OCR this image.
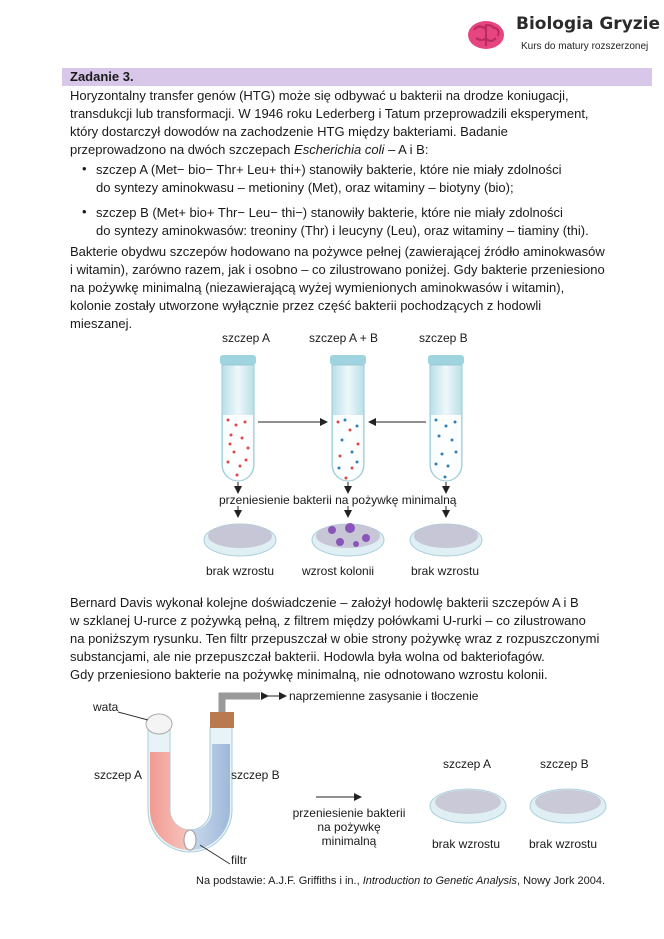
Biologia Gryzie
Kurs do matury rozszerzonej
Zadanie 3.
Horyzontalny transfer genów (HTG) może się odbywać u bakterii na drodze koniugacji,
transdukcji lub transformacji. W 1946 roku Lederberg i Tatum przeprowadzili eksperyment,
który dostarczył dowodów na zachodzenie HTG między bakteriami. Badanie
przeprowadzono na dwóch szczepach Escherichia coli – A i B:
• szczep A (Met− bio− Thr+ Leu+ thi+) stanowiły bakterie, które nie miały zdolności
do syntezy aminokwasu – metioniny (Met), oraz witaminy – biotyny (bio);
• szczep B (Met+ bio+ Thr− Leu− thi−) stanowiły bakterie, które nie miały zdolności
do syntezy aminokwasów: treoniny (Thr) i leucyny (Leu), oraz witaminy – tiaminy (thi).
Bakterie obydwu szczepów hodowano na pożywce pełnej (zawierającej źródło aminokwasów
i witamin), zarówno razem, jak i osobno – co zilustrowano poniżej. Gdy bakterie przeniesiono
na pożywkę minimalną (niezawierającą wyżej wymienionych aminokwasów i witamin),
kolonie zostały utworzone wyłącznie przez część bakterii pochodzących z hodowli
mieszanej.
szczep A	szczep A + B	szczep B
przeniesienie bakterii na pożywkę minimalną
brak wzrostu wzrost kolonii	brak wzrostu
Bernard Davis wykonał kolejne doświadczenie – założył hodowlę bakterii szczepów A i B
w szklanej U-rurce z pożywką pełną, z filtrem między połówkami U-rurki – co zilustrowano
na poniższym rysunku. Ten filtr przepuszczał w obie strony pożywkę wraz z rozpuszczonymi
substancjami, ale nie przepuszczał bakterii. Hodowla była wolna od bakteriofagów.
Gdy przeniesiono bakterie na pożywkę minimalną, nie odnotowano wzrostu kolonii.
wata
naprzemienne zasysanie i tłoczenie
szczep A	szczep B
filtr
przeniesienie bakterii
na pożywkę minimalną
szczep A	szczep B
brak wzrostu brak wzrostu
Na podstawie: A.J.F. Griffiths i in., Introduction to Genetic Analysis, Nowy Jork 2004.
